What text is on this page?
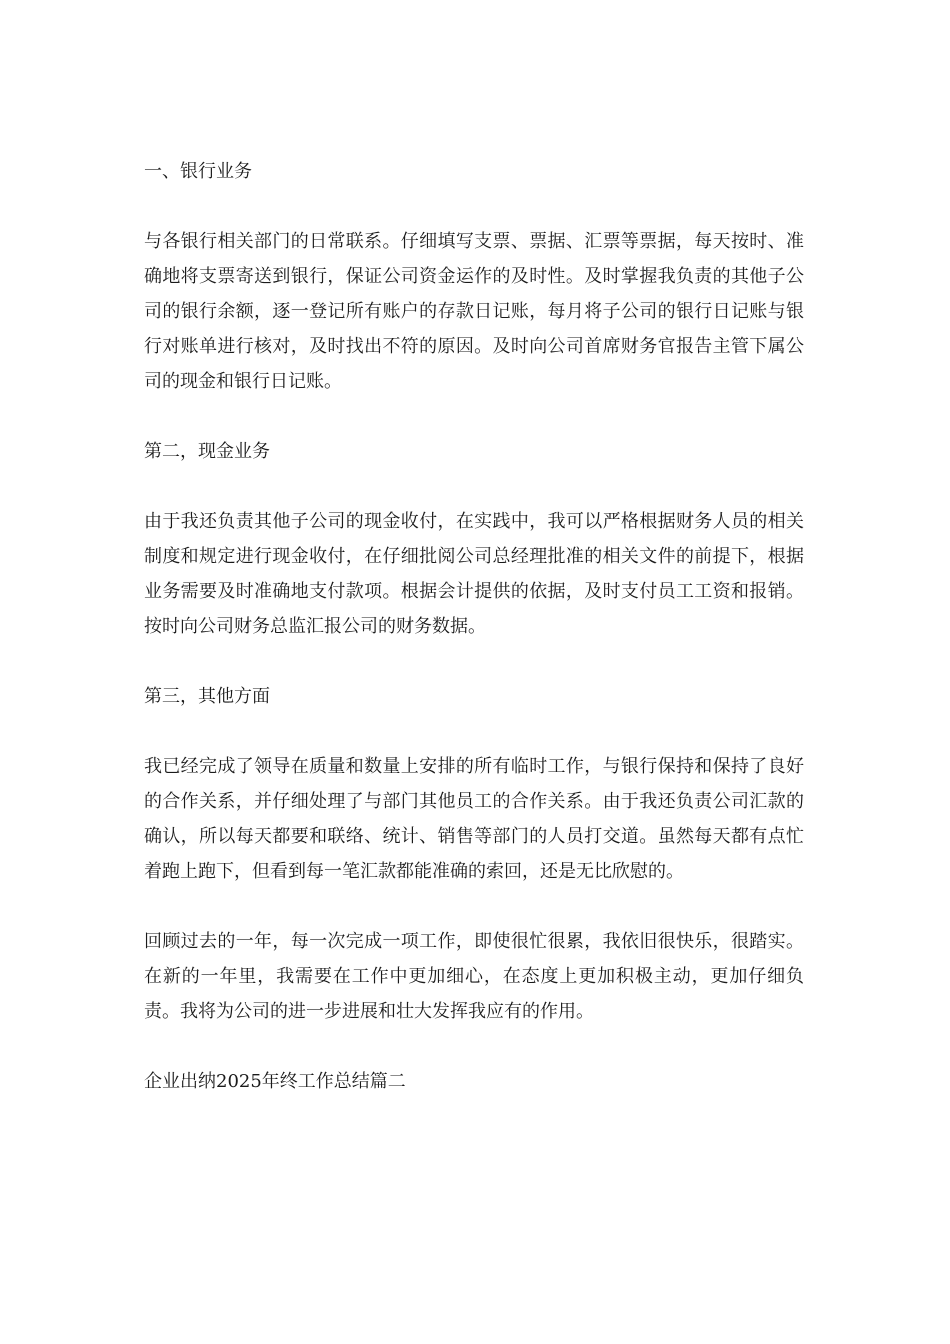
一、银行业务

与各银行相关部门的日常联系。仔细填写支票、票据、汇票等票据，每天按时、准确地将支票寄送到银行，保证公司资金运作的及时性。及时掌握我负责的其他子公司的银行余额，逐一登记所有账户的存款日记账，每月将子公司的银行日记账与银行对账单进行核对，及时找出不符的原因。及时向公司首席财务官报告主管下属公司的现金和银行日记账。

第二，现金业务

由于我还负责其他子公司的现金收付，在实践中，我可以严格根据财务人员的相关制度和规定进行现金收付，在仔细批阅公司总经理批准的相关文件的前提下，根据业务需要及时准确地支付款项。根据会计提供的依据，及时支付员工工资和报销。按时向公司财务总监汇报公司的财务数据。

第三，其他方面

我已经完成了领导在质量和数量上安排的所有临时工作，与银行保持和保持了良好的合作关系，并仔细处理了与部门其他员工的合作关系。由于我还负责公司汇款的确认，所以每天都要和联络、统计、销售等部门的人员打交道。虽然每天都有点忙着跑上跑下，但看到每一笔汇款都能准确的索回，还是无比欣慰的。

回顾过去的一年，每一次完成一项工作，即使很忙很累，我依旧很快乐，很踏实。在新的一年里，我需要在工作中更加细心，在态度上更加积极主动，更加仔细负责。我将为公司的进一步进展和壮大发挥我应有的作用。

企业出纳2025年终工作总结篇二
